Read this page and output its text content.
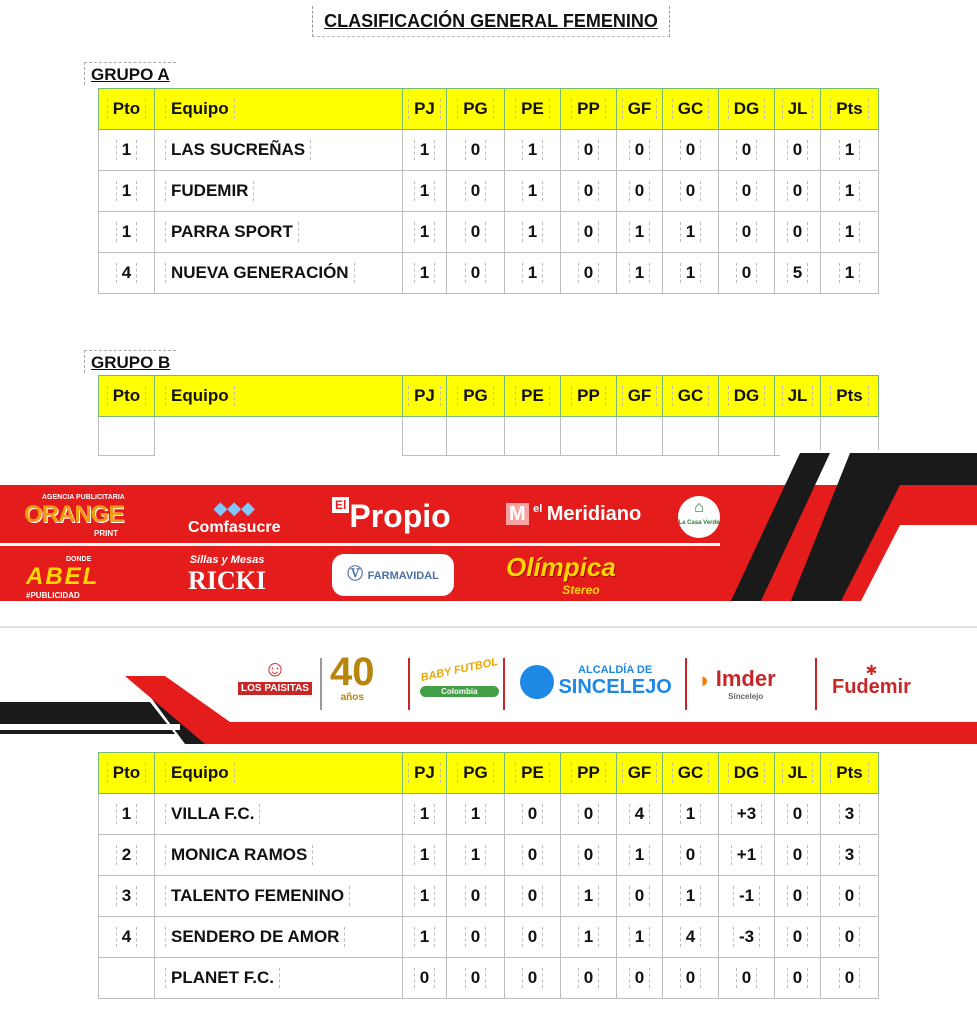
CLASIFICACIÓN GENERAL FEMENINO
GRUPO A
Pto	Equipo	PJ	PG	PE	PP	GF	GC	DG	JL	Pts
1	LAS SUCREÑAS	1	0	1	0	0	0	0	0	1
1	FUDEMIR	1	0	1	0	0	0	0	0	1
1	PARRA SPORT	1	0	1	0	1	1	0	0	1
4	NUEVA GENERACIÓN	1	0	1	0	1	1	0	5	1
GRUPO B
Pto	Equipo	PJ	PG	PE	PP	GF	GC	DG	JL	Pts

AGENCIA PUBLICITARIA
ORANGE
PRINT
◆◆◆
Comfasucre
$^{El}$Propio	M $^{el}$ Meridiano	⌂
La Casa Verde
DONDE
ABEL
#PUBLICIDAD
Sillas y Mesas
RICKI	Ⓥ FARMAVIDAL	Olímpica
Stereo
☺
LOS PAISITAS 40
años
BABY FUTBOL
Colombia

ALCALDÍA DE
SINCELEJO ◗ Imder
Sincelejo
✱
Fudemir
Pto	Equipo	PJ	PG	PE	PP	GF	GC	DG	JL	Pts
1	VILLA F.C.	1	1	0	0	4	1	+3	0	3
2	MONICA RAMOS	1	1	0	0	1	0	+1	0	3
3	TALENTO FEMENINO	1	0	0	1	0	1	-1	0	0
4	SENDERO DE AMOR	1	0	0	1	1	4	-3	0	0
	PLANET F.C.	0	0	0	0	0	0	0	0	0
